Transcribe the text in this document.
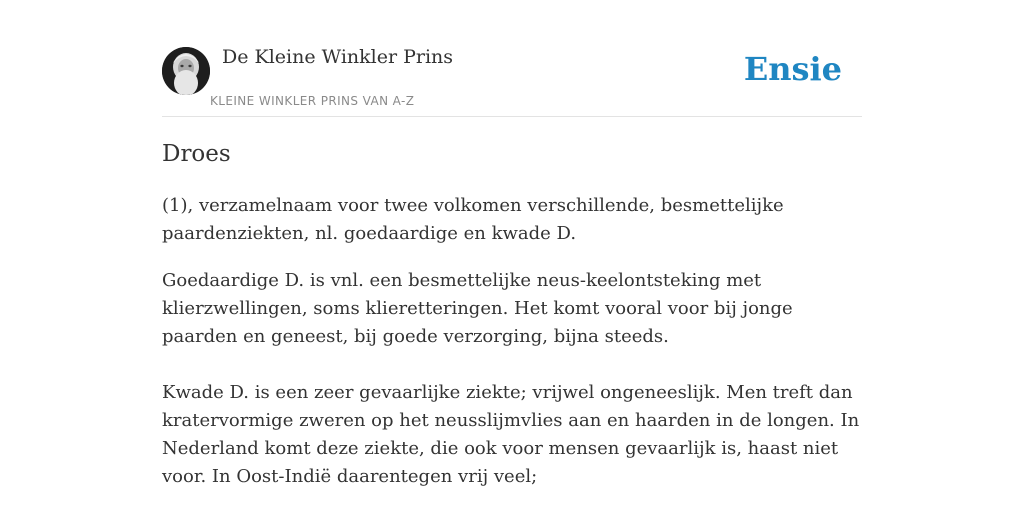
De Kleine Winkler Prins
KLEINE WINKLER PRINS VAN A-Z
Ensie
Droes

(1), verzamelnaam voor twee volkomen verschillende, besmettelijke paardenziekten, nl. goedaardige en kwade D.

Goedaardige D. is vnl. een besmettelijke neus-keelontsteking met klierzwellingen, soms klieretteringen. Het komt vooral voor bij jonge paarden en geneest, bij goede verzorging, bijna steeds.

Kwade D. is een zeer gevaarlijke ziekte; vrijwel ongeneeslijk. Men treft dan kratervormige zweren op het neusslijmvlies aan en haarden in de longen. In Nederland komt deze ziekte, die ook voor mensen gevaarlijk is, haast niet voor. In Oost-Indië daarentegen vrij veel;
